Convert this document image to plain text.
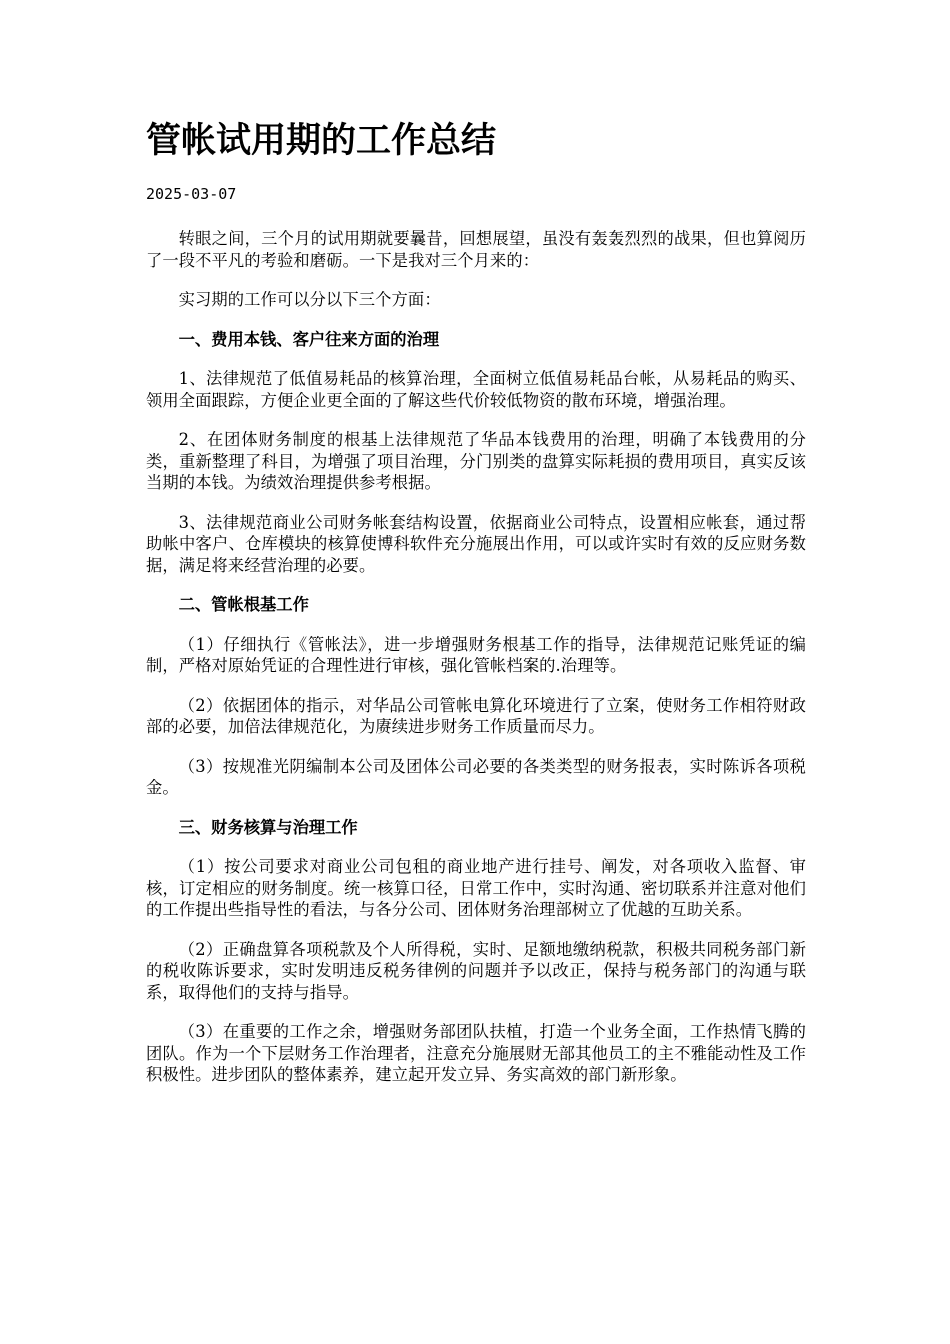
管帐试用期的工作总结
2025-03-07

转眼之间，三个月的试用期就要曩昔，回想展望，虽没有轰轰烈烈的战果，但也算阅历了一段不平凡的考验和磨砺。一下是我对三个月来的：

实习期的工作可以分以下三个方面：

一、费用本钱、客户往来方面的治理

1、法律规范了低值易耗品的核算治理，全面树立低值易耗品台帐，从易耗品的购买、领用全面跟踪，方便企业更全面的了解这些代价较低物资的散布环境，增强治理。

2、在团体财务制度的根基上法律规范了华品本钱费用的治理，明确了本钱费用的分类，重新整理了科目，为增强了项目治理，分门别类的盘算实际耗损的费用项目，真实反该当期的本钱。为绩效治理提供参考根据。

3、法律规范商业公司财务帐套结构设置，依据商业公司特点，设置相应帐套，通过帮助帐中客户、仓库模块的核算使博科软件充分施展出作用，可以或许实时有效的反应财务数据，满足将来经营治理的必要。

二、管帐根基工作

（1）仔细执行《管帐法》，进一步增强财务根基工作的指导，法律规范记账凭证的编制，严格对原始凭证的合理性进行审核，强化管帐档案的.治理等。

（2）依据团体的指示，对华品公司管帐电算化环境进行了立案，使财务工作相符财政部的必要，加倍法律规范化，为赓续进步财务工作质量而尽力。

（3）按规准光阴编制本公司及团体公司必要的各类类型的财务报表，实时陈诉各项税金。

三、财务核算与治理工作

（1）按公司要求对商业公司包租的商业地产进行挂号、阐发，对各项收入监督、审核，订定相应的财务制度。统一核算口径，日常工作中，实时沟通、密切联系并注意对他们的工作提出些指导性的看法，与各分公司、团体财务治理部树立了优越的互助关系。

（2）正确盘算各项税款及个人所得税，实时、足额地缴纳税款，积极共同税务部门新的税收陈诉要求，实时发明违反税务律例的问题并予以改正，保持与税务部门的沟通与联系，取得他们的支持与指导。

（3）在重要的工作之余，增强财务部团队扶植，打造一个业务全面，工作热情飞腾的团队。作为一个下层财务工作治理者，注意充分施展财无部其他员工的主不雅能动性及工作积极性。进步团队的整体素养，建立起开发立异、务实高效的部门新形象。
